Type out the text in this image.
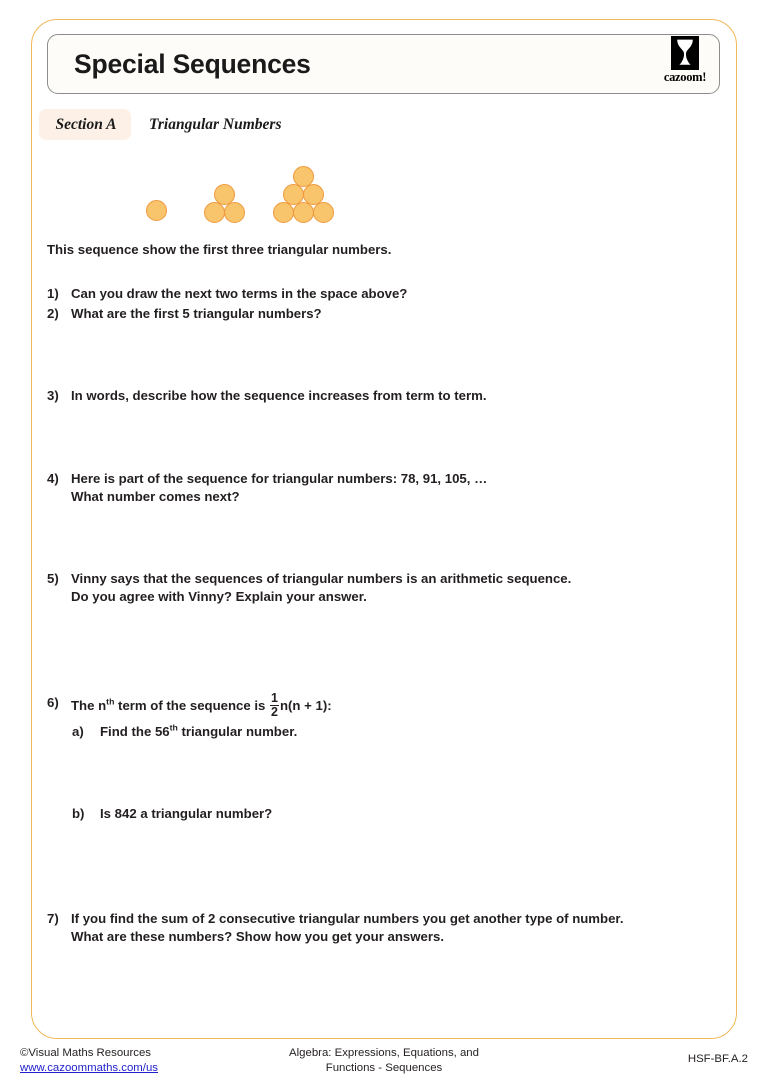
Special Sequences	cazoom!
Section A	Triangular Numbers
This sequence show the first three triangular numbers.
1) Can you draw the next two terms in the space above?
2) What are the first 5 triangular numbers?
3) In words, describe how the sequence increases from term to term.
4) Here is part of the sequence for triangular numbers: 78, 91, 105, …
What number comes next?
5) Vinny says that the sequences of triangular numbers is an arithmetic sequence.
Do you agree with Vinny? Explain your answer.
6) The $n^{th}$ term of the sequence is $\frac{1}{2} n(n + 1)$:
a) Find the 56th triangular number.
b) Is 842 a triangular number?
7) If you find the sum of 2 consecutive triangular numbers you get another type of number.
What are these numbers? Show how you get your answers.
©Visual Maths Resources
www.cazoommaths.com/us
Algebra: Expressions, Equations, and
Functions - Sequences
HSF-BF.A.2
